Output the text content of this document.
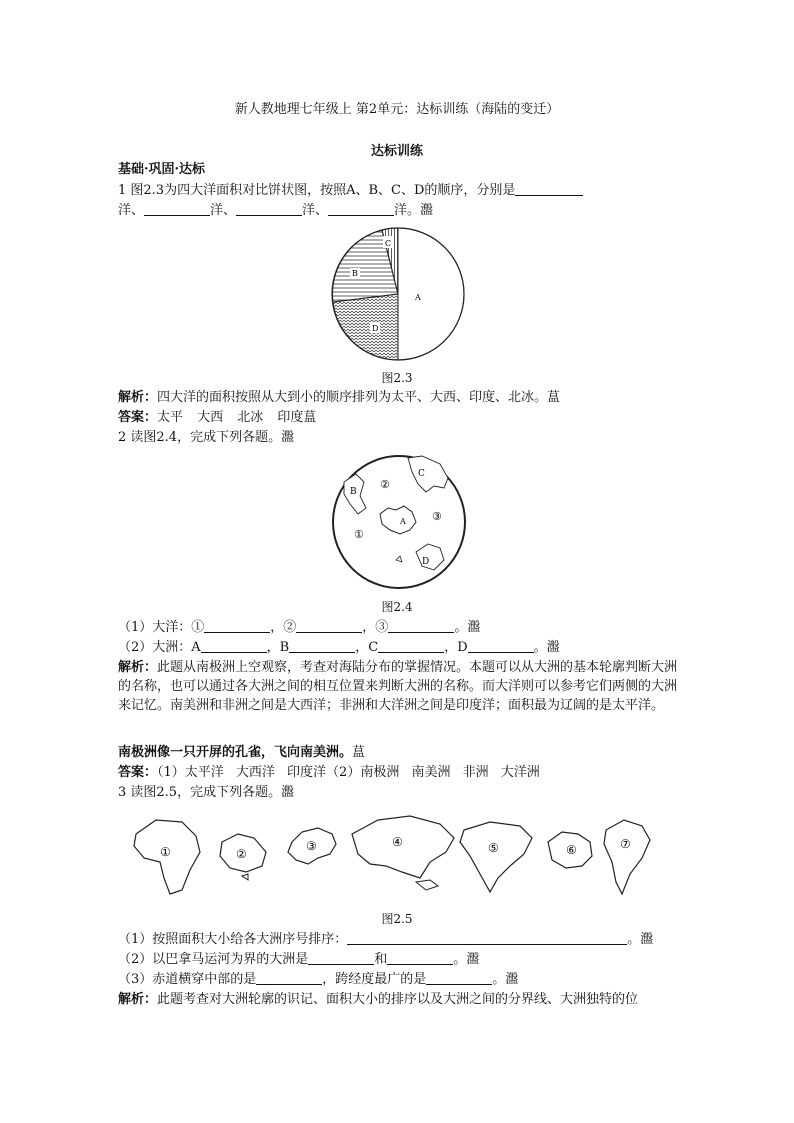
新人教地理七年级上 第2单元：达标训练（海陆的变迁）
达标训练
基础·巩固·达标
1 图2.3为四大洋面积对比饼状图，按照A、B、C、D的顺序，分别是
洋、	洋、	洋、	洋。瀊
C
B
A
D
图2.3
解析：四大洋的面积按照从大到小的顺序排列为太平、大西、印度、北冰。蒀
答案：太平 大西 北冰 印度蒀
2 读图2.4，完成下列各题。瀊
C
B
A
D
①
②
③
图2.4
（1）大洋：①	，②	，③	。瀊
（2）大洲：A	，B	，C	，D	。瀊
解析：此题从南极洲上空观察，考查对海陆分布的掌握情况。本题可以从大洲的基本轮廓判断大洲的名称，也可以通过各大洲之间的相互位置来判断大洲的名称。而大洋则可以参考它们两侧的大洲来记忆。南美洲和非洲之间是大西洋；非洲和大洋洲之间是印度洋；面积最为辽阔的是太平洋。
南极洲像一只开屏的孔雀，飞向南美洲。蒀
答案：（1）太平洋 大西洋 印度洋（2）南极洲 南美洲 非洲 大洋洲
3 读图2.5，完成下列各题。瀊
①	②
③	④	⑤	⑥	⑦
图2.5
（1）按照面积大小给各大洲序号排序：	。瀊
（2）以巴拿马运河为界的大洲是	和	。瀊
（3）赤道横穿中部的是	，跨经度最广的是	。瀊
解析：此题考查对大洲轮廓的识记、面积大小的排序以及大洲之间的分界线、大洲独特的位
